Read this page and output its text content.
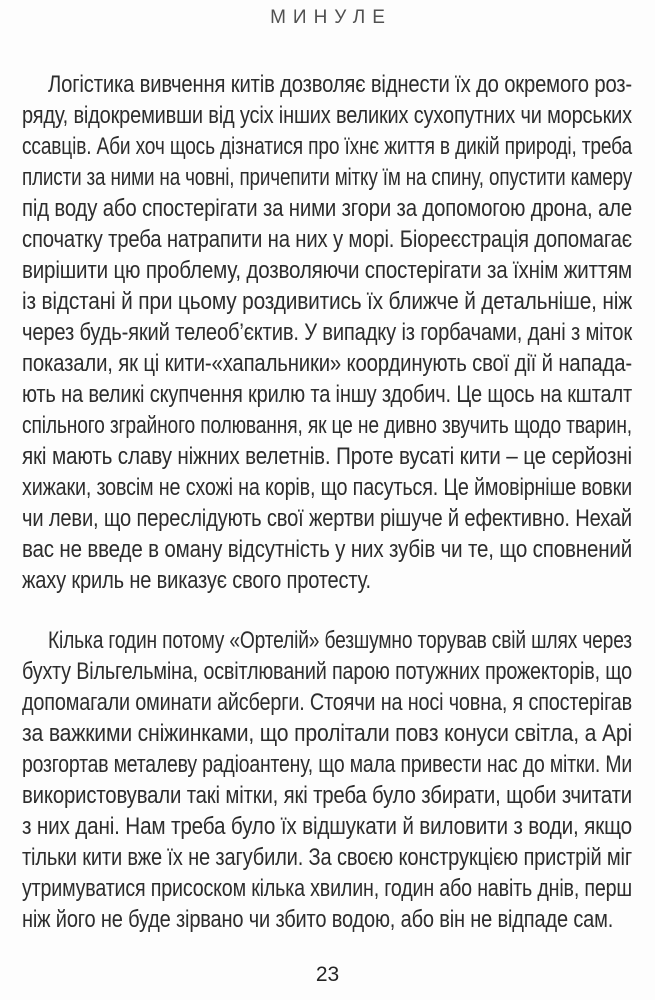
МИНУЛЕ
Логістика вивчення китів дозволяє віднести їх до окремого роз-
ряду, відокремивши від усіх інших великих сухопутних чи морських
ссавців. Аби хоч щось дізнатися про їхнє життя в дикій природі, треба
плисти за ними на човні, причепити мітку їм на спину, опустити камеру
під воду або спостерігати за ними згори за допомогою дрона, але
спочатку треба натрапити на них у морі. Біореєстрація допомагає
вирішити цю проблему, дозволяючи спостерігати за їхнім життям
із відстані й при цьому роздивитись їх ближче й детальніше, ніж
через будь-який телеоб’єктив. У випадку із горбачами, дані з міток
показали, як ці кити-«хапальники» координують свої дії й напада-
ють на великі скупчення крилю та іншу здобич. Це щось на кшталт
спільного зграйного полювання, як це не дивно звучить щодо тварин,
які мають славу ніжних велетнів. Проте вусаті кити – це серйозні
хижаки, зовсім не схожі на корів, що пасуться. Це ймовірніше вовки
чи леви, що переслідують свої жертви рішуче й ефективно. Нехай
вас не введе в оману відсутність у них зубів чи те, що сповнений
жаху криль не виказує свого протесту.
Кілька годин потому «Ортелій» безшумно торував свій шлях через
бухту Вільгельміна, освітлюваний парою потужних прожекторів, що
допомагали оминати айсберги. Стоячи на носі човна, я спостерігав
за важкими сніжинками, що пролітали повз конуси світла, а Арі
розгортав металеву радіоантену, що мала привести нас до мітки. Ми
використовували такі мітки, які треба було збирати, щоби зчитати
з них дані. Нам треба було їх відшукати й виловити з води, якщо
тільки кити вже їх не загубили. За своєю конструкцією пристрій міг
утримуватися присоском кілька хвилин, годин або навіть днів, перш
ніж його не буде зірвано чи збито водою, або він не відпаде сам.
23
